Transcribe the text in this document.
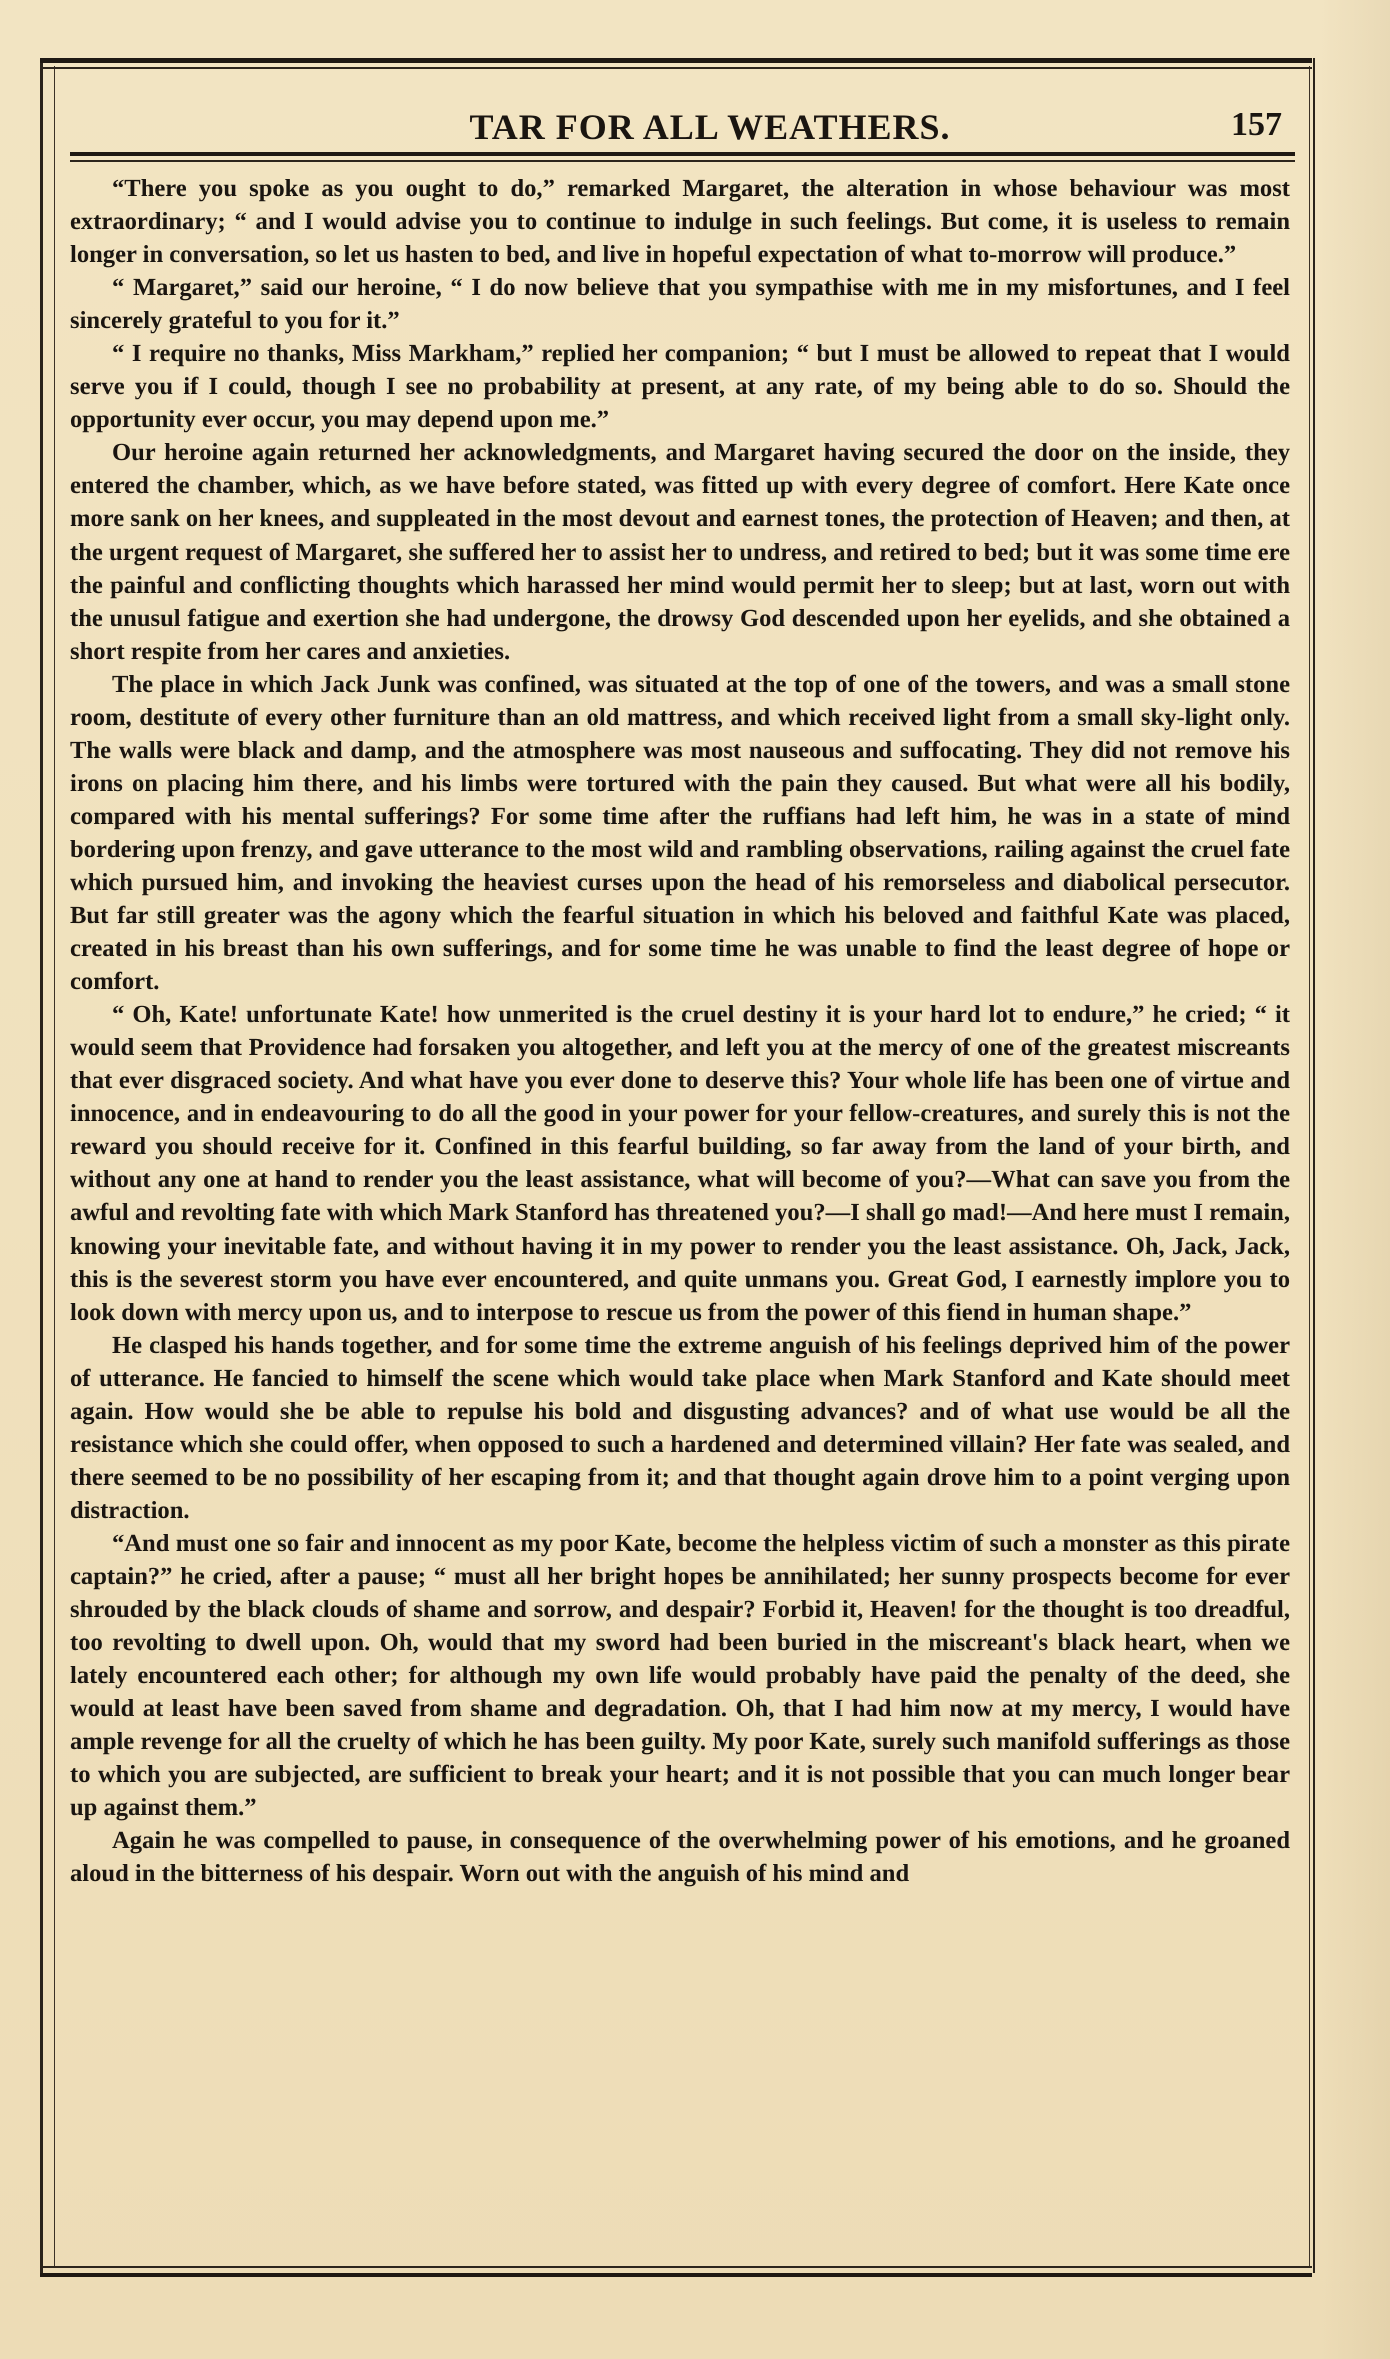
TAR FOR ALL WEATHERS.	157

“There you spoke as you ought to do,” remarked Margaret, the alteration in whose behaviour was most extraordinary; “ and I would advise you to continue to indulge in such feelings. But come, it is useless to remain longer in conversation, so let us hasten to bed, and live in hopeful expectation of what to-morrow will produce.”

“ Margaret,” said our heroine, “ I do now believe that you sympathise with me in my misfortunes, and I feel sincerely grateful to you for it.”

“ I require no thanks, Miss Markham,” replied her companion; “ but I must be allowed to repeat that I would serve you if I could, though I see no probability at present, at any rate, of my being able to do so. Should the opportunity ever occur, you may depend upon me.”

Our heroine again returned her acknowledgments, and Margaret having secured the door on the inside, they entered the chamber, which, as we have before stated, was fitted up with every degree of comfort. Here Kate once more sank on her knees, and suppleated in the most devout and earnest tones, the protection of Heaven; and then, at the urgent request of Margaret, she suffered her to assist her to undress, and retired to bed; but it was some time ere the painful and conflicting thoughts which harassed her mind would permit her to sleep; but at last, worn out with the unusul fatigue and exertion she had undergone, the drowsy God descended upon her eyelids, and she obtained a short respite from her cares and anxieties.

The place in which Jack Junk was confined, was situated at the top of one of the towers, and was a small stone room, destitute of every other furniture than an old mattress, and which received light from a small sky-light only. The walls were black and damp, and the atmosphere was most nauseous and suffocating. They did not remove his irons on placing him there, and his limbs were tortured with the pain they caused. But what were all his bodily, compared with his mental sufferings? For some time after the ruffians had left him, he was in a state of mind bordering upon frenzy, and gave utterance to the most wild and rambling observations, railing against the cruel fate which pursued him, and invoking the heaviest curses upon the head of his remorseless and diabolical persecutor. But far still greater was the agony which the fearful situation in which his beloved and faithful Kate was placed, created in his breast than his own sufferings, and for some time he was unable to find the least degree of hope or comfort.

“ Oh, Kate! unfortunate Kate! how unmerited is the cruel destiny it is your hard lot to endure,” he cried; “ it would seem that Providence had forsaken you altogether, and left you at the mercy of one of the greatest miscreants that ever disgraced society. And what have you ever done to deserve this? Your whole life has been one of virtue and innocence, and in endeavouring to do all the good in your power for your fellow-creatures, and surely this is not the reward you should receive for it. Confined in this fearful building, so far away from the land of your birth, and without any one at hand to render you the least assistance, what will become of you?—What can save you from the awful and revolting fate with which Mark Stanford has threatened you?—I shall go mad!—And here must I remain, knowing your inevitable fate, and without having it in my power to render you the least assistance. Oh, Jack, Jack, this is the severest storm you have ever encountered, and quite unmans you. Great God, I earnestly implore you to look down with mercy upon us, and to interpose to rescue us from the power of this fiend in human shape.”

He clasped his hands together, and for some time the extreme anguish of his feelings deprived him of the power of utterance. He fancied to himself the scene which would take place when Mark Stanford and Kate should meet again. How would she be able to repulse his bold and disgusting advances? and of what use would be all the resistance which she could offer, when opposed to such a hardened and determined villain? Her fate was sealed, and there seemed to be no possibility of her escaping from it; and that thought again drove him to a point verging upon distraction.

“And must one so fair and innocent as my poor Kate, become the helpless victim of such a monster as this pirate captain?” he cried, after a pause; “ must all her bright hopes be annihilated; her sunny prospects become for ever shrouded by the black clouds of shame and sorrow, and despair? Forbid it, Heaven! for the thought is too dreadful, too revolting to dwell upon. Oh, would that my sword had been buried in the miscreant's black heart, when we lately encountered each other; for although my own life would probably have paid the penalty of the deed, she would at least have been saved from shame and degradation. Oh, that I had him now at my mercy, I would have ample revenge for all the cruelty of which he has been guilty. My poor Kate, surely such manifold sufferings as those to which you are subjected, are sufficient to break your heart; and it is not possible that you can much longer bear up against them.”

Again he was compelled to pause, in consequence of the overwhelming power of his emotions, and he groaned aloud in the bitterness of his despair. Worn out with the anguish of his mind and
